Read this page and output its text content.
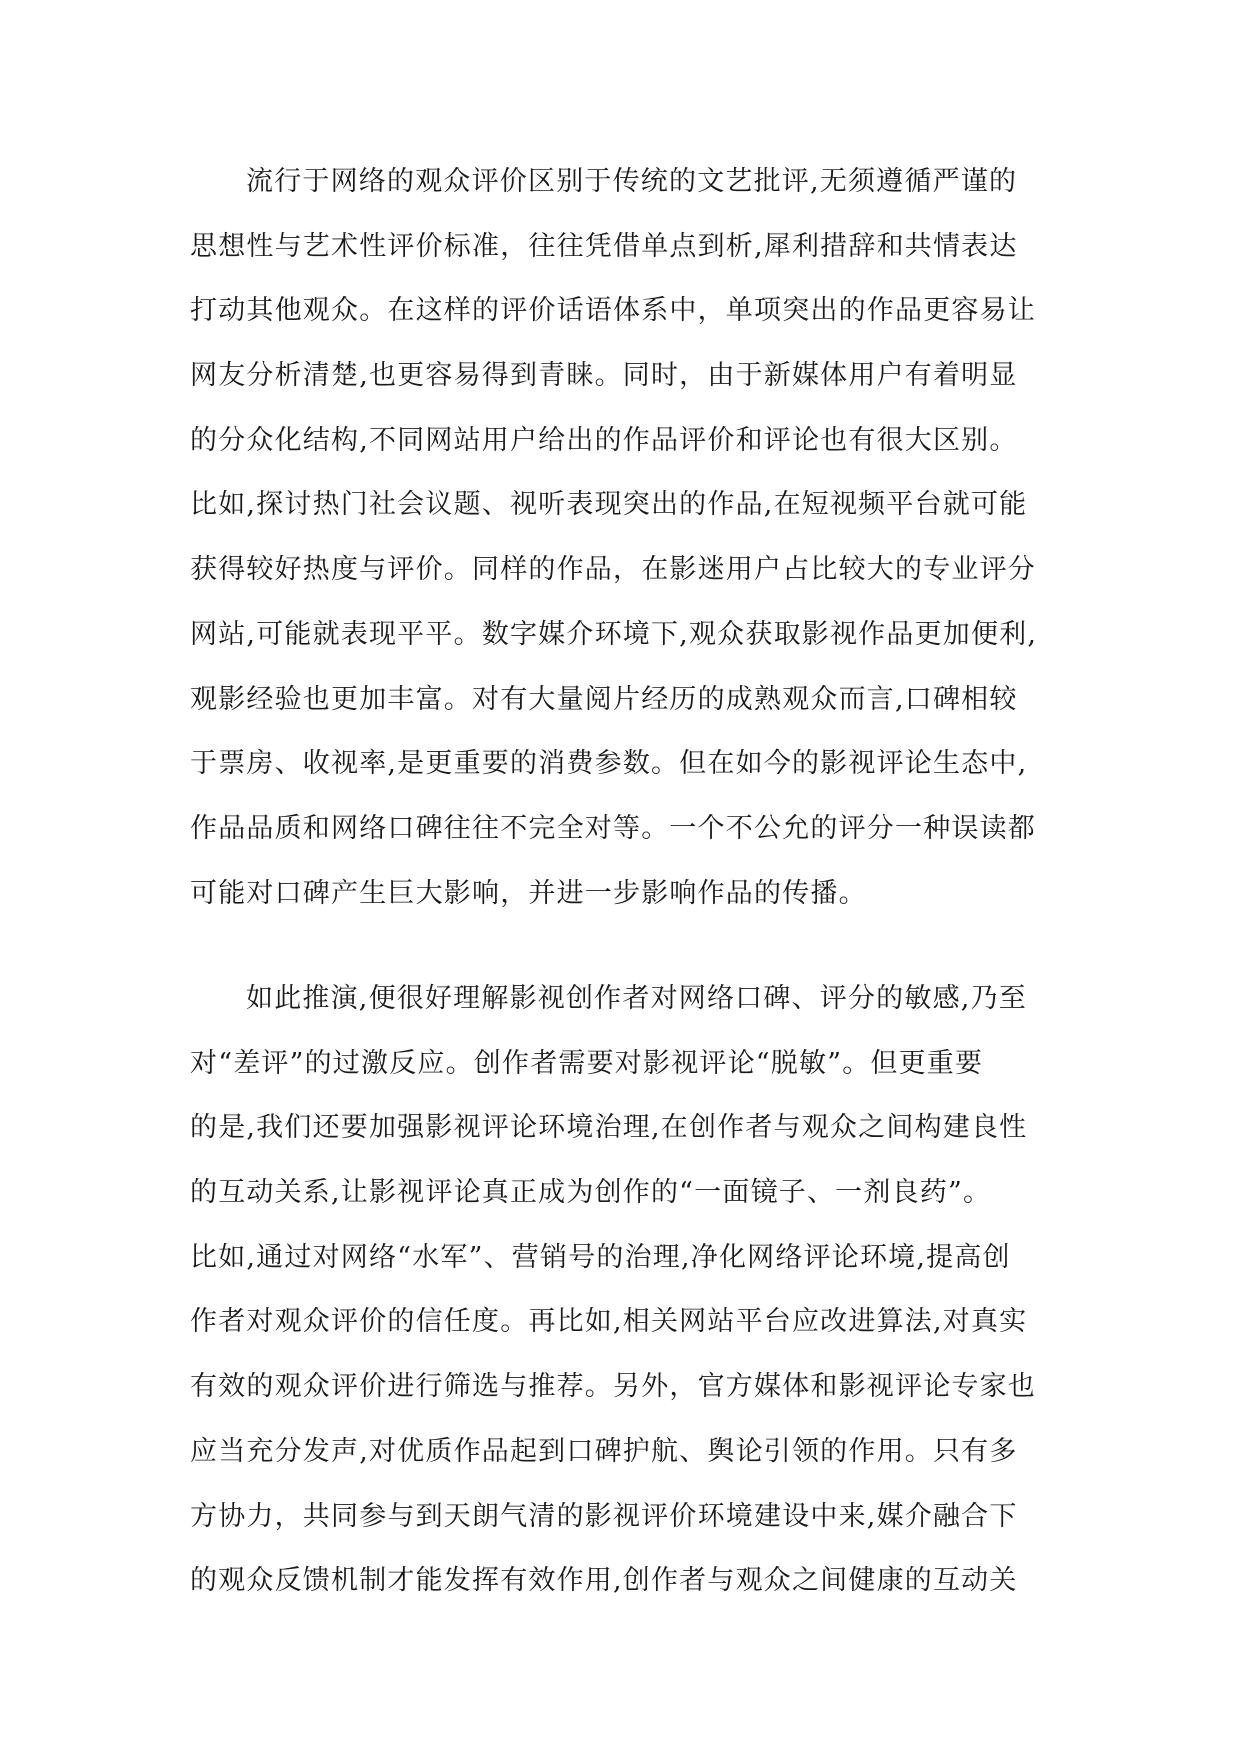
流行于网络的观众评价区别于传统的文艺批评,无须遵循严谨的
思想性与艺术性评价标准，往往凭借单点到析,犀利措辞和共情表达
打动其他观众。在这样的评价话语体系中，单项突出的作品更容易让
网友分析清楚,也更容易得到青睐。同时，由于新媒体用户有着明显
的分众化结构,不同网站用户给出的作品评价和评论也有很大区别。
比如,探讨热门社会议题、视听表现突出的作品,在短视频平台就可能
获得较好热度与评价。同样的作品，在影迷用户占比较大的专业评分
网站,可能就表现平平。数字媒介环境下,观众获取影视作品更加便利,
观影经验也更加丰富。对有大量阅片经历的成熟观众而言,口碑相较
于票房、收视率,是更重要的消费参数。但在如今的影视评论生态中,
作品品质和网络口碑往往不完全对等。一个不公允的评分一种误读都
可能对口碑产生巨大影响，并进一步影响作品的传播。
如此推演,便很好理解影视创作者对网络口碑、评分的敏感,乃至
对“差评”的过激反应。创作者需要对影视评论“脱敏”。但更重要
的是,我们还要加强影视评论环境治理,在创作者与观众之间构建良性
的互动关系,让影视评论真正成为创作的“一面镜子、一剂良药”。
比如,通过对网络“水军”、营销号的治理,净化网络评论环境,提高创
作者对观众评价的信任度。再比如,相关网站平台应改进算法,对真实
有效的观众评价进行筛选与推荐。另外，官方媒体和影视评论专家也
应当充分发声,对优质作品起到口碑护航、舆论引领的作用。只有多
方协力，共同参与到天朗气清的影视评价环境建设中来,媒介融合下
的观众反馈机制才能发挥有效作用,创作者与观众之间健康的互动关
